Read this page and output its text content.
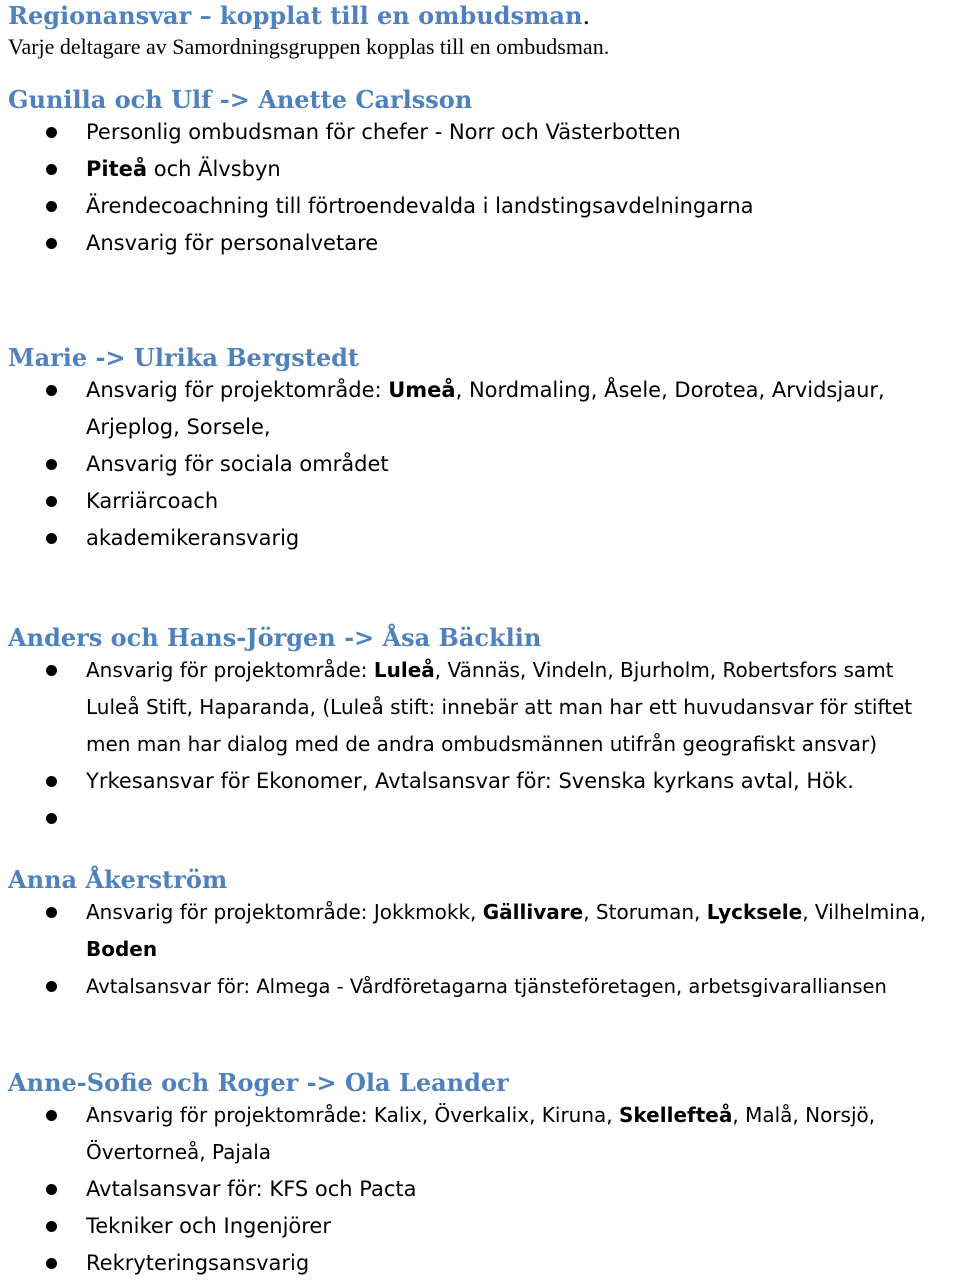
Regionansvar – kopplat till en ombudsman.

Varje deltagare av Samordningsgruppen kopplas till en ombudsman.

Gunilla och Ulf -> Anette Carlsson
Personlig ombudsman för chefer - Norr och Västerbotten
Piteå och Älvsbyn
Ärendecoachning till förtroendevalda i landstingsavdelningarna
Ansvarig för personalvetare
Marie -> Ulrika Bergstedt
Ansvarig för projektområde: Umeå, Nordmaling, Åsele, Dorotea, Arvidsjaur,
Arjeplog, Sorsele,
Ansvarig för sociala området
Karriärcoach
akademikeransvarig
Anders och Hans-Jörgen -> Åsa Bäcklin
Ansvarig för projektområde: Luleå, Vännäs, Vindeln, Bjurholm, Robertsfors samt
Luleå Stift, Haparanda, (Luleå stift: innebär att man har ett huvudansvar för stiftet
men man har dialog med de andra ombudsmännen utifrån geografiskt ansvar)
Yrkesansvar för Ekonomer, Avtalsansvar för: Svenska kyrkans avtal, Hök.
Anna Åkerström
Ansvarig för projektområde: Jokkmokk, Gällivare, Storuman, Lycksele, Vilhelmina,
Boden
Avtalsansvar för: Almega - Vårdföretagarna tjänsteföretagen, arbetsgivaralliansen
Anne-Sofie och Roger -> Ola Leander
Ansvarig för projektområde: Kalix, Överkalix, Kiruna, Skellefteå, Malå, Norsjö,
Övertorneå, Pajala
Avtalsansvar för: KFS och Pacta
Tekniker och Ingenjörer
Rekryteringsansvarig
